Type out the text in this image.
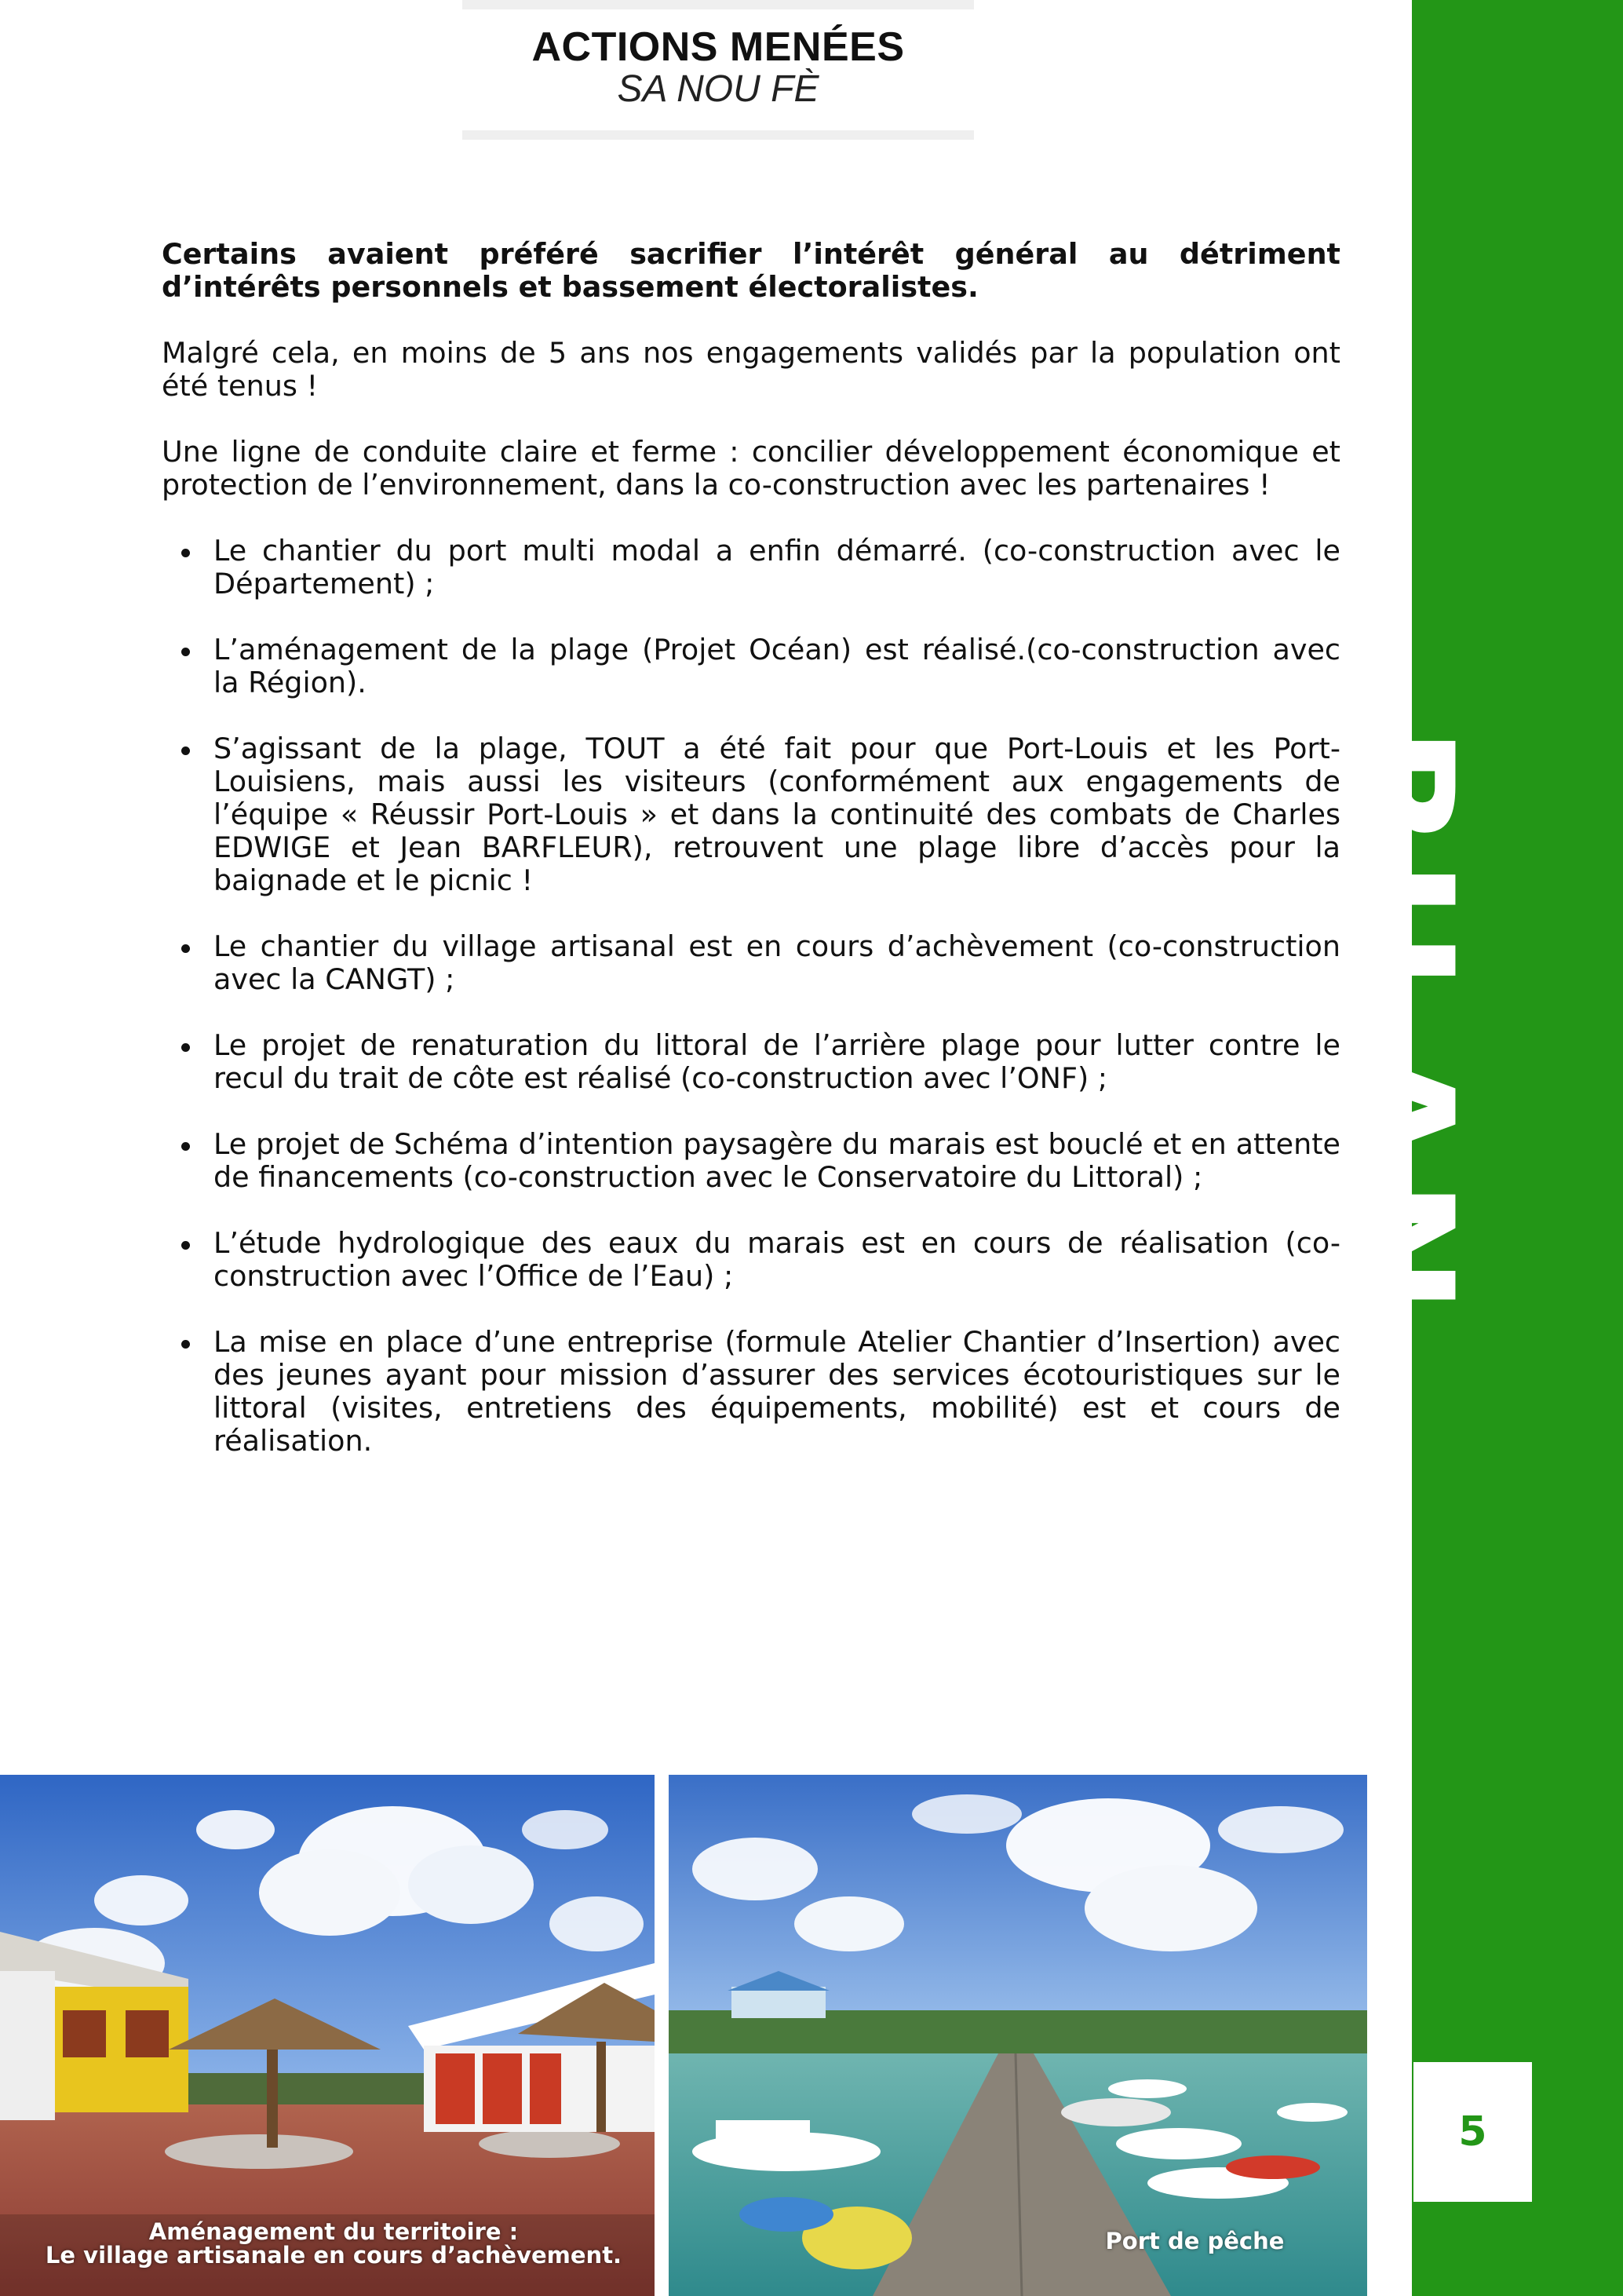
ACTIONS MENÉES
SA NOU FÈ
BILAN
5

Certains avaient préféré sacrifier l’intérêt général au détriment d’intérêts personnels et bassement électoralistes.

Malgré cela, en moins de 5 ans nos engagements validés par la population ont été tenus !

Une ligne de conduite claire et ferme : concilier développement économique et protection de l’environnement, dans la co-construction avec les partenaires !

Le chantier du port multi modal a enfin démarré. (co-construction avec le Département) ;
L’aménagement de la plage (Projet Océan) est réalisé.(co-construction avec la Région).
S’agissant de la plage, TOUT a été fait pour que Port-Louis et les Port-Louisiens, mais aussi les visiteurs (conformément aux engagements de l’équipe « Réussir Port-Louis » et dans la continuité des combats de Charles EDWIGE et Jean BARFLEUR), retrouvent une plage libre d’accès pour la baignade et le picnic !
Le chantier du village artisanal est en cours d’achèvement (co-construction avec la CANGT) ;
Le projet de renaturation du littoral de l’arrière plage pour lutter contre le recul du trait de côte est réalisé (co-construction avec l’ONF) ;
Le projet de Schéma d’intention paysagère du marais est bouclé et en attente de financements (co-construction avec le Conservatoire du Littoral) ;
L’étude hydrologique des eaux du marais est en cours de réalisation (co-construction avec l’Office de l’Eau) ;
La mise en place d’une entreprise (formule Atelier Chantier d’Insertion) avec des jeunes ayant pour mission d’assurer des services écotouristiques sur le littoral (visites, entretiens des équipements, mobilité) est et cours de réalisation.
Aménagement du territoire :
Le village artisanale en cours d’achèvement.
Port de pêche
